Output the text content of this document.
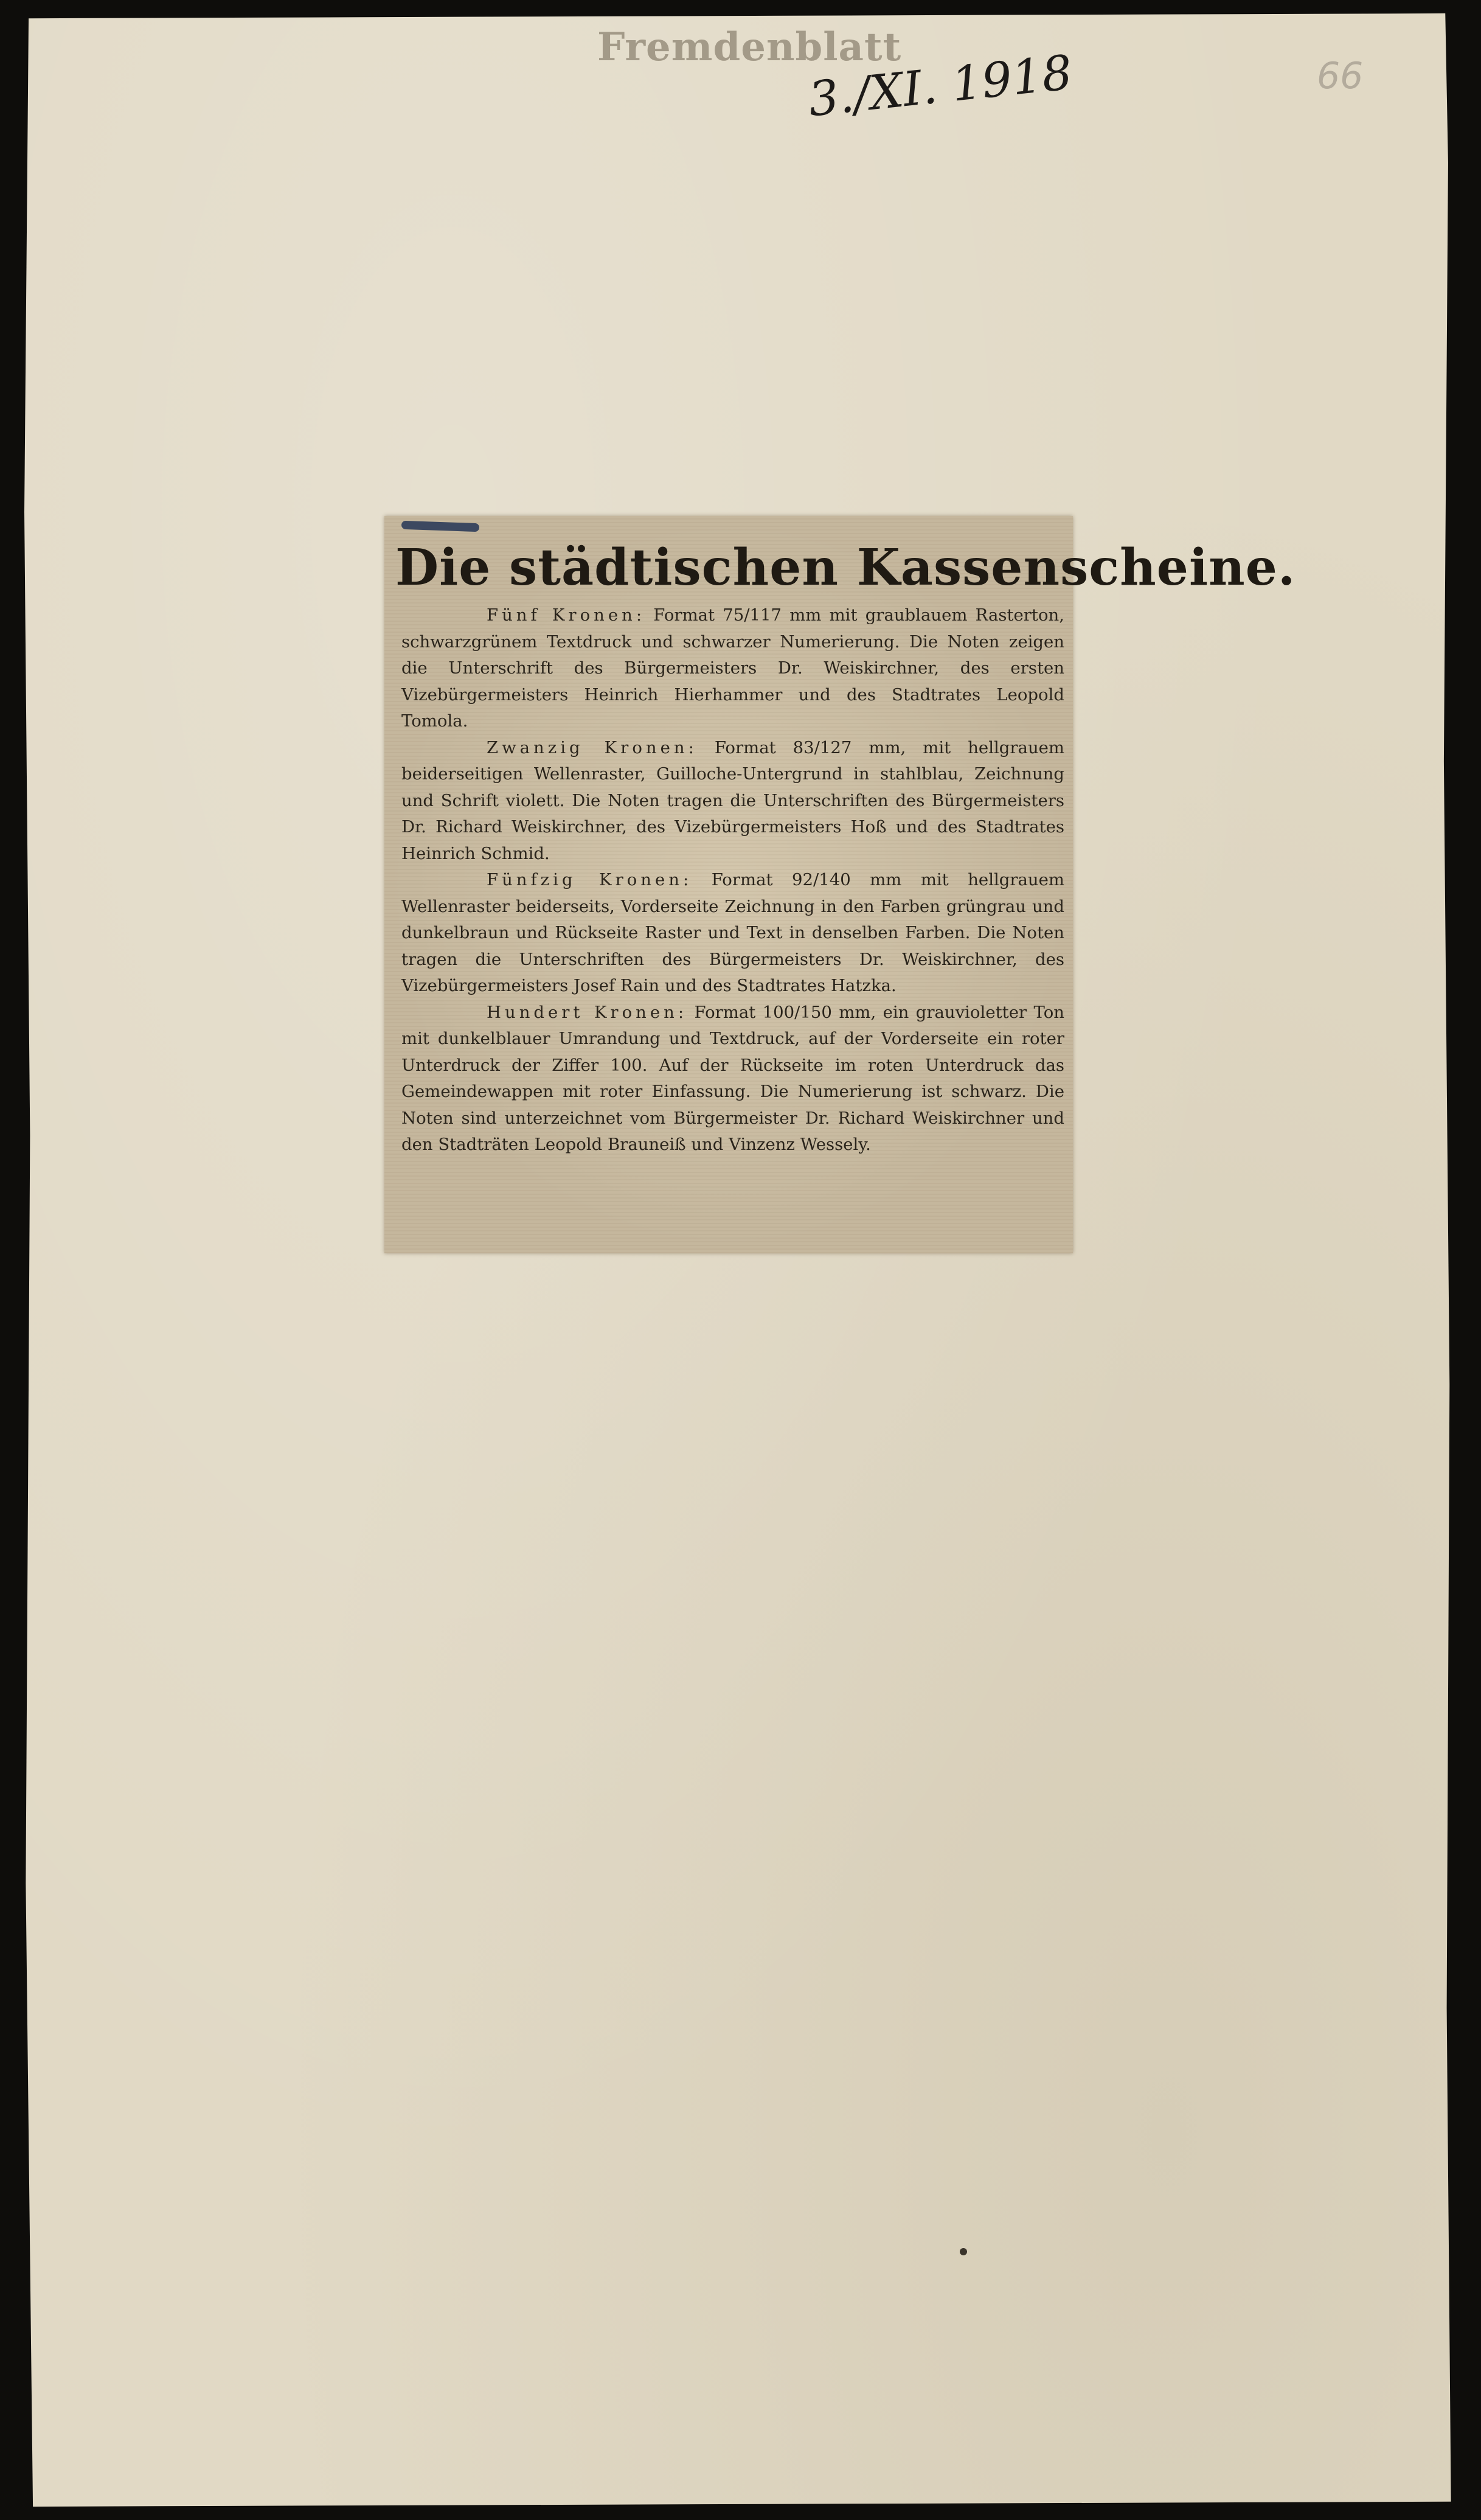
Fremdenblatt
3./XI. 1918	66
Die städtischen Kassenscheine.

Fünf Kronen: Format 75/117 mm mit graublauem Rasterton, schwarzgrünem Textdruck und schwarzer Numerierung. Die Noten zeigen die Unterschrift des Bürgermeisters Dr. Weiskirchner, des ersten Vizebürgermeisters Heinrich Hierhammer und des Stadtrates Leopold Tomola.

Zwanzig Kronen: Format 83/127 mm, mit hellgrauem beiderseitigen Wellenraster, Guilloche-Untergrund in stahlblau, Zeichnung und Schrift violett. Die Noten tragen die Unterschriften des Bürgermeisters Dr. Richard Weiskirchner, des Vizebürgermeisters Hoß und des Stadtrates Heinrich Schmid.

Fünfzig Kronen: Format 92/140 mm mit hellgrauem Wellenraster beiderseits, Vorderseite Zeichnung in den Farben grüngrau und dunkelbraun und Rückseite Raster und Text in denselben Farben. Die Noten tragen die Unterschriften des Bürgermeisters Dr. Weiskirchner, des Vizebürgermeisters Josef Rain und des Stadtrates Hatzka.

Hundert Kronen: Format 100/150 mm, ein grauvioletter Ton mit dunkelblauer Umrandung und Textdruck, auf der Vorderseite ein roter Unterdruck der Ziffer 100. Auf der Rückseite im roten Unterdruck das Gemeindewappen mit roter Einfassung. Die Numerierung ist schwarz. Die Noten sind unterzeichnet vom Bürgermeister Dr. Richard Weiskirchner und den Stadträten Leopold Brauneiß und Vinzenz Wessely.
